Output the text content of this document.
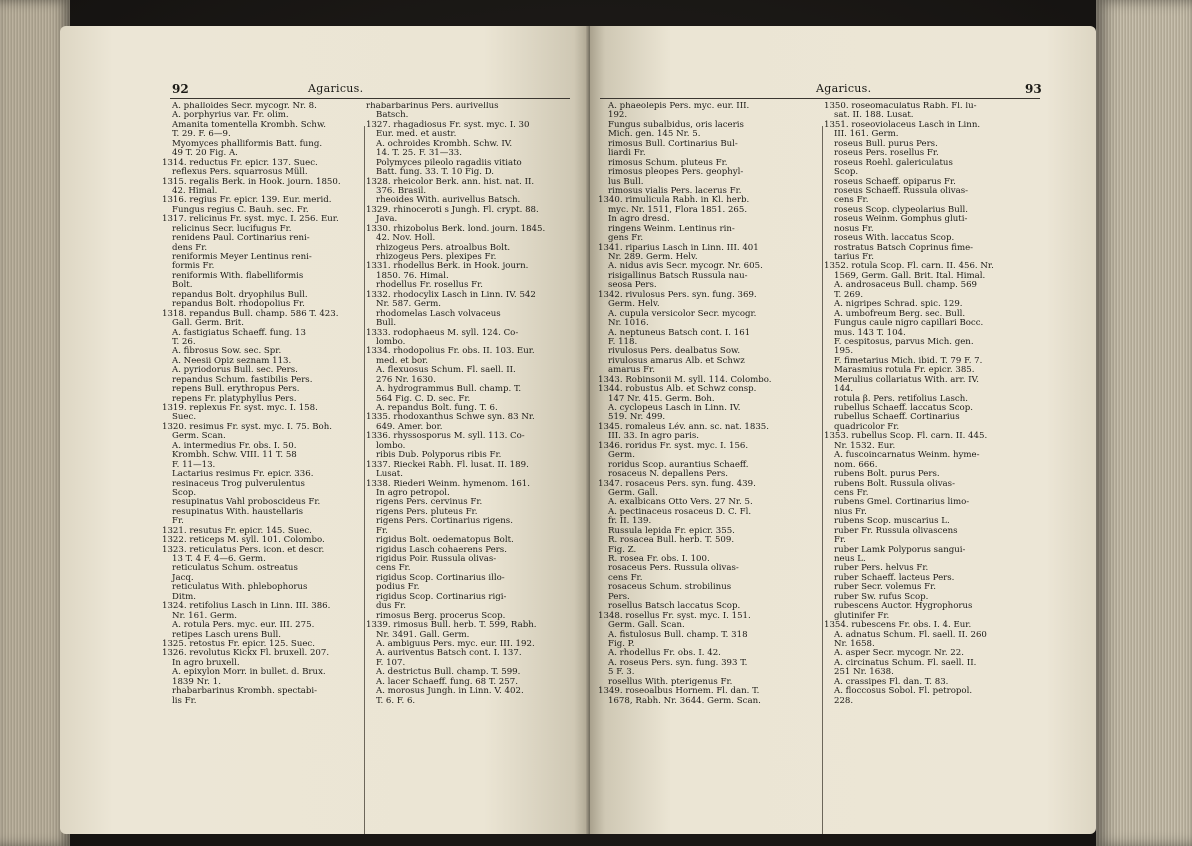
92	Agaricus.
A. phalloides Secr. mycogr. Nr. 8.
A. porphyrius var. Fr. olim.
Amanita tomentella Krombh. Schw.
T. 29. F. 6—9.
Myomyces phalliformis Batt. fung.
49 T. 20 Fig. A.
1314. reductus Fr. epicr. 137. Suec.
reflexus Pers. squarrosus Müll.
1315. regalis Berk. in Hook. journ. 1850.
42. Himal.
1316. regius Fr. epicr. 139. Eur. merid.
Fungus regius C. Bauh. sec. Fr.
1317. relicinus Fr. syst. myc. I. 256. Eur.
relicinus Secr. lucifugus Fr.
renidens Paul. Cortinarius reni-
dens Fr.
reniformis Meyer Lentinus reni-
formis Fr.
reniformis With. flabelliformis
Bolt.
repandus Bolt. dryophilus Bull.
repandus Bolt. rhodopolius Fr.
1318. repandus Bull. champ. 586 T. 423.
Gall. Germ. Brit.
A. fastigiatus Schaeff. fung. 13
T. 26.
A. fibrosus Sow. sec. Spr.
A. Neesii Opiz seznam 113.
A. pyriodorus Bull. sec. Pers.
repandus Schum. fastibilis Pers.
repens Bull. erythropus Pers.
repens Fr. platyphyllus Pers.
1319. replexus Fr. syst. myc. I. 158.
Suec.
1320. resimus Fr. syst. myc. I. 75. Boh.
Germ. Scan.
A. intermedius Fr. obs. I. 50.
Krombh. Schw. VIII. 11 T. 58
F. 11—13.
Lactarius resimus Fr. epicr. 336.
resinaceus Trog pulverulentus
Scop.
resupinatus Vahl proboscideus Fr.
resupinatus With. haustellaris
Fr.
1321. resutus Fr. epicr. 145. Suec.
1322. reticeps M. syll. 101. Colombo.
1323. reticulatus Pers. icon. et descr.
13 T. 4 F. 4—6. Germ.
reticulatus Schum. ostreatus
Jacq.
reticulatus With. phlebophorus
Ditm.
1324. retifolius Lasch in Linn. III. 386.
Nr. 161. Germ.
A. rotula Pers. myc. eur. III. 275.
retipes Lasch urens Bull.
1325. retostus Fr. epicr. 125. Suec.
1326. revolutus Kickx Fl. bruxell. 207.
In agro bruxell.
A. epixylon Morr. in bullet. d. Brux.
1839 Nr. 1.
rhabarbarinus Krombh. spectabi-
lis Fr.
rhabarbarinus Pers. aurivellus
Batsch.
1327. rhagadiosus Fr. syst. myc. I. 30
Eur. med. et austr.
A. ochroides Krombh. Schw. IV.
14. T. 25. F. 31—33.
Polymyces pileolo ragadiis vitiato
Batt. fung. 33. T. 10 Fig. D.
1328. rheicolor Berk. ann. hist. nat. II.
376. Brasil.
rheoides With. aurivellus Batsch.
1329. rhinoceroti s Jungh. Fl. crypt. 88.
Java.
1330. rhizobolus Berk. lond. journ. 1845.
42. Nov. Holl.
rhizogeus Pers. atroalbus Bolt.
rhizogeus Pers. plexipes Fr.
1331. rhodellus Berk. in Hook. journ.
1850. 76. Himal.
rhodellus Fr. rosellus Fr.
1332. rhodocylix Lasch in Linn. IV. 542
Nr. 587. Germ.
rhodomelas Lasch volvaceus
Bull.
1333. rodophaeus M. syll. 124. Co-
lombo.
1334. rhodopolius Fr. obs. II. 103. Eur.
med. et bor.
A. flexuosus Schum. Fl. saell. II.
276 Nr. 1630.
A. hydrogrammus Bull. champ. T.
564 Fig. C. D. sec. Fr.
A. repandus Bolt. fung. T. 6.
1335. rhodoxanthus Schwe syn. 83 Nr.
649. Amer. bor.
1336. rhyssosporus M. syll. 113. Co-
lombo.
ribis Dub. Polyporus ribis Fr.
1337. Rieckei Rabh. Fl. lusat. II. 189.
Lusat.
1338. Riederi Weinm. hymenom. 161.
In agro petropol.
rigens Pers. cervinus Fr.
rigens Pers. pluteus Fr.
rigens Pers. Cortinarius rigens.
Fr.
rigidus Bolt. oedematopus Bolt.
rigidus Lasch cohaerens Pers.
rigidus Poir. Russula olivas-
cens Fr.
rigidus Scop. Cortinarius illo-
podius Fr.
rigidus Scop. Cortinarius rigi-
dus Fr.
rimosus Berg. procerus Scop.
1339. rimosus Bull. herb. T. 599, Rabh.
Nr. 3491. Gall. Germ.
A. ambiguus Pers. myc. eur. III. 192.
A. auriventus Batsch cont. I. 137.
F. 107.
A. destrictus Bull. champ. T. 599.
A. lacer Schaeff. fung. 68 T. 257.
A. morosus Jungh. in Linn. V. 402.
T. 6. F. 6.
Agaricus.	93
A. phaeolepis Pers. myc. eur. III.
192.
Fungus subalbidus, oris laceris
Mich. gen. 145 Nr. 5.
rimosus Bull. Cortinarius Bul-
liardi Fr.
rimosus Schum. pluteus Fr.
rimosus pleopes Pers. geophyl-
lus Bull.
rimosus vialis Pers. lacerus Fr.
1340. rimulicula Rabh. in Kl. herb.
myc. Nr. 1511, Flora 1851. 265.
In agro dresd.
ringens Weinm. Lentinus rin-
gens Fr.
1341. riparius Lasch in Linn. III. 401
Nr. 289. Germ. Helv.
A. nidus avis Secr. mycogr. Nr. 605.
risigallinus Batsch Russula nau-
seosa Pers.
1342. rivulosus Pers. syn. fung. 369.
Germ. Helv.
A. cupula versicolor Secr. mycogr.
Nr. 1016.
A. neptuneus Batsch cont. I. 161
F. 118.
rivulosus Pers. dealbatus Sow.
rivulosus amarus Alb. et Schwz
amarus Fr.
1343. Robinsonii M. syll. 114. Colombo.
1344. robustus Alb. et Schwz consp.
147 Nr. 415. Germ. Boh.
A. cyclopeus Lasch in Linn. IV.
519. Nr. 499.
1345. romaleus Lév. ann. sc. nat. 1835.
III. 33. In agro paris.
1346. roridus Fr. syst. myc. I. 156.
Germ.
roridus Scop. aurantius Schaeff.
rosaceus N. depallens Pers.
1347. rosaceus Pers. syn. fung. 439.
Germ. Gall.
A. exalbicans Otto Vers. 27 Nr. 5.
A. pectinaceus rosaceus D. C. Fl.
fr. II. 139.
Russula lepida Fr. epicr. 355.
R. rosacea Bull. herb. T. 509.
Fig. Z.
R. rosea Fr. obs. I. 100.
rosaceus Pers. Russula olivas-
cens Fr.
rosaceus Schum. strobilinus
Pers.
rosellus Batsch laccatus Scop.
1348. rosellus Fr. syst. myc. I. 151.
Germ. Gall. Scan.
A. fistulosus Bull. champ. T. 318
Fig. P.
A. rhodellus Fr. obs. I. 42.
A. roseus Pers. syn. fung. 393 T.
5 F. 3.
rosellus With. pterigenus Fr.
1349. roseoalbus Hornem. Fl. dan. T.
1678, Rabh. Nr. 3644. Germ. Scan.
1350. roseomaculatus Rabh. Fl. lu-
sat. II. 188. Lusat.
1351. roseoviolaceus Lasch in Linn.
III. 161. Germ.
roseus Bull. purus Pers.
roseus Pers. rosellus Fr.
roseus Roehl. galericulatus
Scop.
roseus Schaeff. opiparus Fr.
roseus Schaeff. Russula olivas-
cens Fr.
roseus Scop. clypeolarius Bull.
roseus Weinm. Gomphus gluti-
nosus Fr.
roseus With. laccatus Scop.
rostratus Batsch Coprinus fime-
tarius Fr.
1352. rotula Scop. Fl. carn. II. 456. Nr.
1569, Germ. Gall. Brit. Ital. Himal.
A. androsaceus Bull. champ. 569
T. 269.
A. nigripes Schrad. spic. 129.
A. umbofreum Berg. sec. Bull.
Fungus caule nigro capillari Bocc.
mus. 143 T. 104.
F. cespitosus, parvus Mich. gen.
195.
F. fimetarius Mich. ibid. T. 79 F. 7.
Marasmius rotula Fr. epicr. 385.
Merulius collariatus With. arr. IV.
144.
rotula β. Pers. retifolius Lasch.
rubellus Schaeff. laccatus Scop.
rubellus Schaeff. Cortinarius
quadricolor Fr.
1353. rubellus Scop. Fl. carn. II. 445.
Nr. 1532. Eur.
A. fuscoincarnatus Weinm. hyme-
nom. 666.
rubens Bolt. purus Pers.
rubens Bolt. Russula olivas-
cens Fr.
rubens Gmel. Cortinarius limo-
nius Fr.
rubens Scop. muscarius L.
ruber Fr. Russula olivascens
Fr.
ruber Lamk Polyporus sangui-
neus L.
ruber Pers. helvus Fr.
ruber Schaeff. lacteus Pers.
ruber Secr. volemus Fr.
ruber Sw. rufus Scop.
rubescens Auctor. Hygrophorus
glutinifer Fr.
1354. rubescens Fr. obs. I. 4. Eur.
A. adnatus Schum. Fl. saell. II. 260
Nr. 1658.
A. asper Secr. mycogr. Nr. 22.
A. circinatus Schum. Fl. saell. II.
251 Nr. 1638.
A. crassipes Fl. dan. T. 83.
A. floccosus Sobol. Fl. petropol.
228.
